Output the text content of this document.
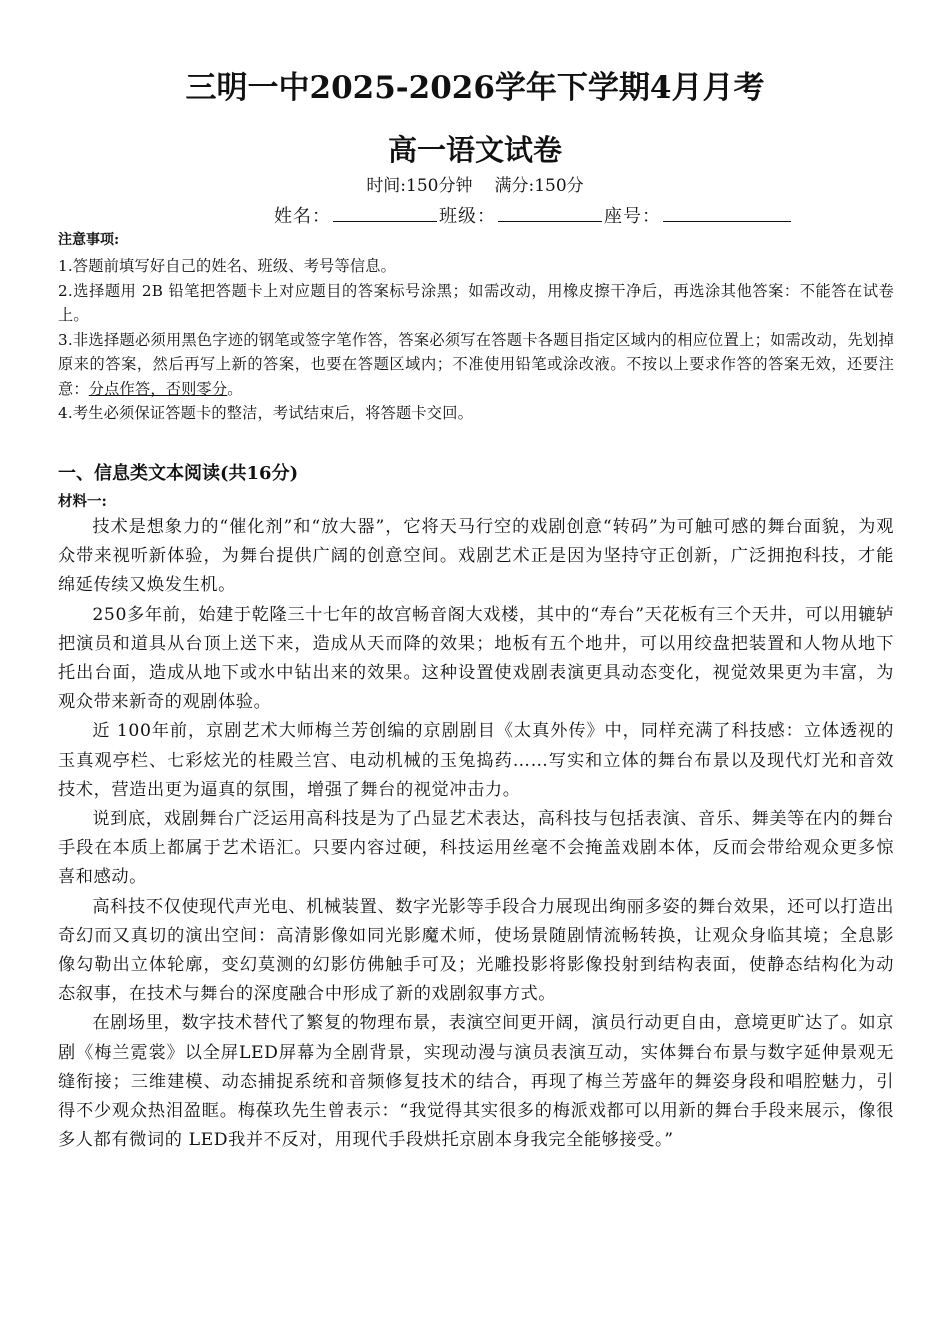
三明一中2025-2026学年下学期4月月考
高一语文试卷
时间:150分钟 满分:150分
姓名：	班级：	座号：
注意事项:

1.答题前填写好自己的姓名、班级、考号等信息。

2.选择题用 2B 铅笔把答题卡上对应题目的答案标号涂黑；如需改动，用橡皮擦干净后，再选涂其他答案：不能答在试卷上。

3.非选择题必须用黑色字迹的钢笔或签字笔作答，答案必须写在答题卡各题目指定区域内的相应位置上；如需改动，先划掉原来的答案，然后再写上新的答案，也要在答题区域内；不准使用铅笔或涂改液。不按以上要求作答的答案无效，还要注意：分点作答，否则零分。

4.考生必须保证答题卡的整洁，考试结束后，将答题卡交回。

一、信息类文本阅读(共16分)
材料一:

技术是想象力的“催化剂”和“放大器”，它将天马行空的戏剧创意“转码”为可触可感的舞台面貌，为观众带来视听新体验，为舞台提供广阔的创意空间。戏剧艺术正是因为坚持守正创新，广泛拥抱科技，才能绵延传续又焕发生机。

250多年前，始建于乾隆三十七年的故宫畅音阁大戏楼，其中的“寿台”天花板有三个天井，可以用辘轳把演员和道具从台顶上送下来，造成从天而降的效果；地板有五个地井，可以用绞盘把装置和人物从地下托出台面，造成从地下或水中钻出来的效果。这种设置使戏剧表演更具动态变化，视觉效果更为丰富，为观众带来新奇的观剧体验。

近 100年前，京剧艺术大师梅兰芳创编的京剧剧目《太真外传》中，同样充满了科技感：立体透视的玉真观亭栏、七彩炫光的桂殿兰宫、电动机械的玉兔捣药……写实和立体的舞台布景以及现代灯光和音效技术，营造出更为逼真的氛围，增强了舞台的视觉冲击力。

说到底，戏剧舞台广泛运用高科技是为了凸显艺术表达，高科技与包括表演、音乐、舞美等在内的舞台手段在本质上都属于艺术语汇。只要内容过硬，科技运用丝毫不会掩盖戏剧本体，反而会带给观众更多惊喜和感动。

高科技不仅使现代声光电、机械装置、数字光影等手段合力展现出绚丽多姿的舞台效果，还可以打造出奇幻而又真切的演出空间：高清影像如同光影魔术师，使场景随剧情流畅转换，让观众身临其境；全息影像勾勒出立体轮廓，变幻莫测的幻影仿佛触手可及；光雕投影将影像投射到结构表面，使静态结构化为动态叙事，在技术与舞台的深度融合中形成了新的戏剧叙事方式。

在剧场里，数字技术替代了繁复的物理布景，表演空间更开阔，演员行动更自由，意境更旷达了。如京剧《梅兰霓裳》以全屏LED屏幕为全剧背景，实现动漫与演员表演互动，实体舞台布景与数字延伸景观无缝衔接；三维建模、动态捕捉系统和音频修复技术的结合，再现了梅兰芳盛年的舞姿身段和唱腔魅力，引得不少观众热泪盈眶。梅葆玖先生曾表示：“我觉得其实很多的梅派戏都可以用新的舞台手段来展示，像很多人都有微词的 LED我并不反对，用现代手段烘托京剧本身我完全能够接受。”
